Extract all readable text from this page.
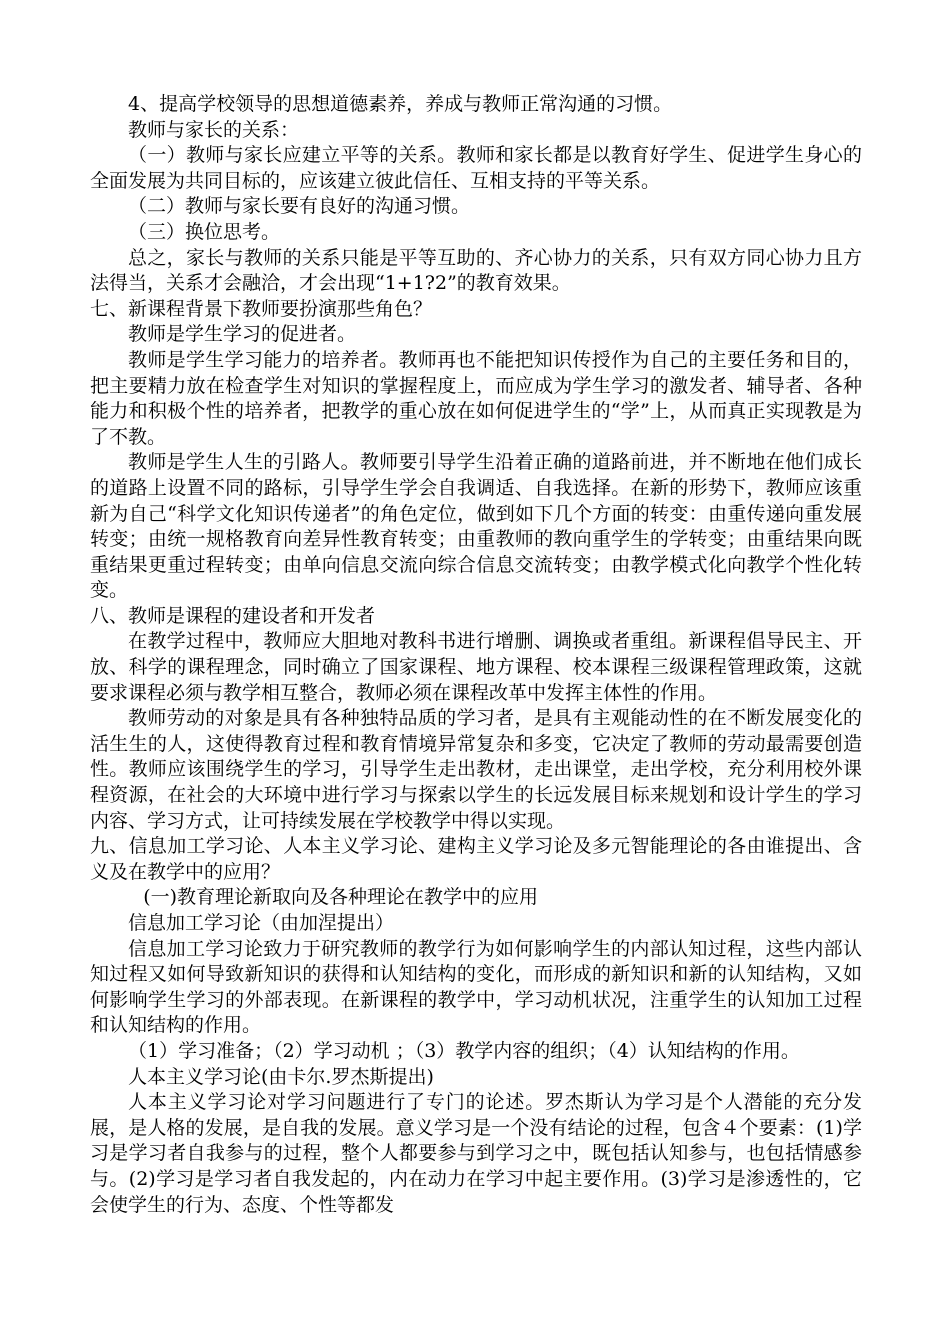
4、提高学校领导的思想道德素养，养成与教师正常沟通的习惯。

教师与家长的关系：

（一）教师与家长应建立平等的关系。教师和家长都是以教育好学生、促进学生身心的全面发展为共同目标的，应该建立彼此信任、互相支持的平等关系。

（二）教师与家长要有良好的沟通习惯。

（三）换位思考。

总之，家长与教师的关系只能是平等互助的、齐心协力的关系，只有双方同心协力且方法得当，关系才会融洽，才会出现“1+1?2”的教育效果。

七、新课程背景下教师要扮演那些角色？

教师是学生学习的促进者。

教师是学生学习能力的培养者。教师再也不能把知识传授作为自己的主要任务和目的，把主要精力放在检查学生对知识的掌握程度上，而应成为学生学习的激发者、辅导者、各种能力和积极个性的培养者，把教学的重心放在如何促进学生的“学”上，从而真正实现教是为了不教。

教师是学生人生的引路人。教师要引导学生沿着正确的道路前进，并不断地在他们成长的道路上设置不同的路标，引导学生学会自我调适、自我选择。在新的形势下，教师应该重新为自己“科学文化知识传递者”的角色定位，做到如下几个方面的转变：由重传递向重发展转变；由统一规格教育向差异性教育转变；由重教师的教向重学生的学转变；由重结果向既重结果更重过程转变；由单向信息交流向综合信息交流转变；由教学模式化向教学个性化转变。

八、教师是课程的建设者和开发者

在教学过程中，教师应大胆地对教科书进行增删、调换或者重组。新课程倡导民主、开放、科学的课程理念，同时确立了国家课程、地方课程、校本课程三级课程管理政策，这就要求课程必须与教学相互整合，教师必须在课程改革中发挥主体性的作用。

教师劳动的对象是具有各种独特品质的学习者，是具有主观能动性的在不断发展变化的活生生的人，这使得教育过程和教育情境异常复杂和多变，它决定了教师的劳动最需要创造性。教师应该围绕学生的学习，引导学生走出教材，走出课堂，走出学校，充分利用校外课程资源，在社会的大环境中进行学习与探索以学生的长远发展目标来规划和设计学生的学习内容、学习方式，让可持续发展在学校教学中得以实现。

九、信息加工学习论、人本主义学习论、建构主义学习论及多元智能理论的各由谁提出、含义及在教学中的应用？

(一)教育理论新取向及各种理论在教学中的应用

信息加工学习论（由加涅提出）

信息加工学习论致力于研究教师的教学行为如何影响学生的内部认知过程，这些内部认知过程又如何导致新知识的获得和认知结构的变化，而形成的新知识和新的认知结构，又如何影响学生学习的外部表现。在新课程的教学中，学习动机状况，注重学生的认知加工过程和认知结构的作用。

（1）学习准备；（2）学习动机 ；（3）教学内容的组织；（4）认知结构的作用。

人本主义学习论(由卡尔.罗杰斯提出)

人本主义学习论对学习问题进行了专门的论述。罗杰斯认为学习是个人潜能的充分发展，是人格的发展，是自我的发展。意义学习是一个没有结论的过程，包含４个要素：(1)学习是学习者自我参与的过程，整个人都要参与到学习之中，既包括认知参与，也包括情感参与。(2)学习是学习者自我发起的，内在动力在学习中起主要作用。(3)学习是渗透性的，它会使学生的行为、态度、个性等都发
